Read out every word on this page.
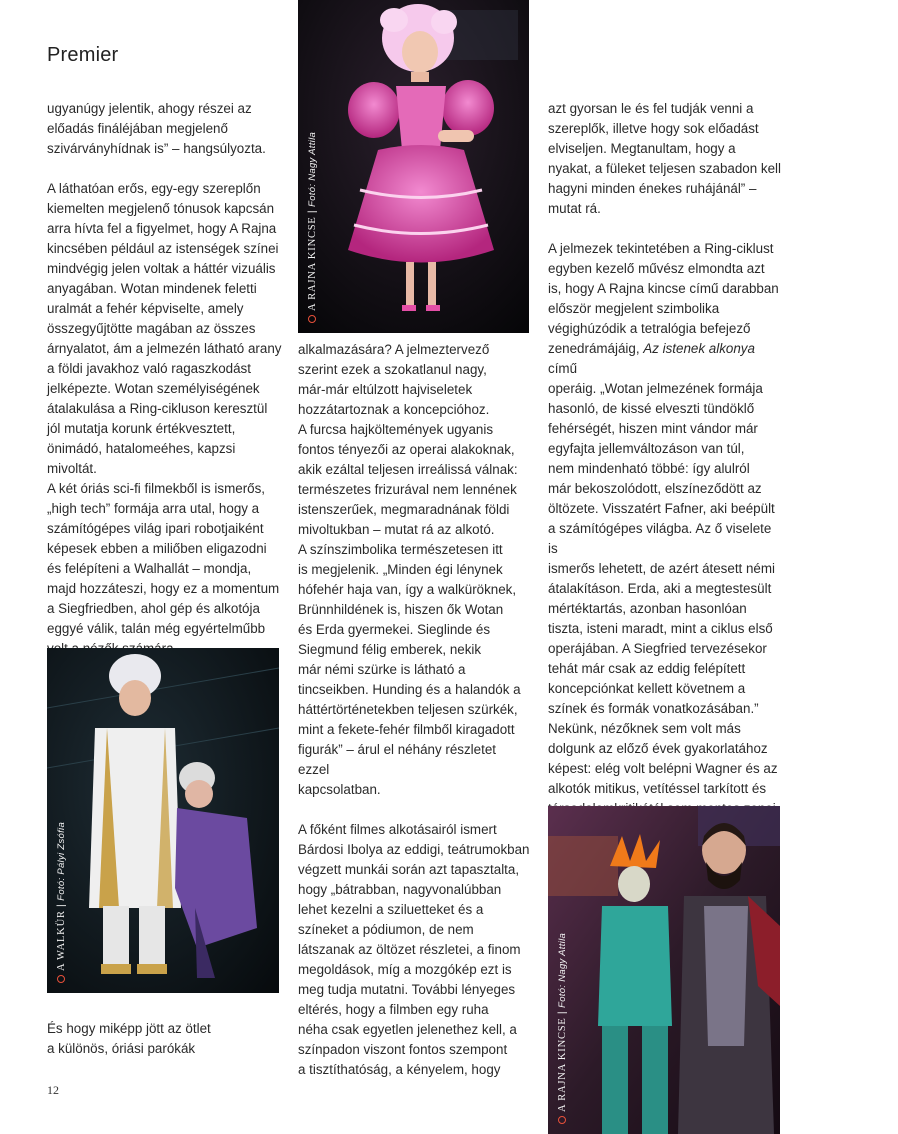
Premier

ugyanúgy jelentik, ahogy részei az
előadás fináléjában megjelenő
szivárványhídnak is” – hangsúlyozta.

A láthatóan erős, egy-egy szereplőn
kiemelten megjelenő tónusok kapcsán
arra hívta fel a figyelmet, hogy A Rajna
kincsében például az istenségek színei
mindvégig jelen voltak a háttér vizuális
anyagában. Wotan mindenek feletti
uralmát a fehér képviselte, amely
összegyűjtötte magában az összes
árnyalatot, ám a jelmezén látható arany
a földi javakhoz való ragaszkodást
jelképezte. Wotan személyiségének
átalakulása a Ring-cikluson keresztül
jól mutatja korunk értékvesztett,
önimádó, hatalomeéhes, kapzsi mivoltát.
A két óriás sci-fi filmekből is ismerős,
„high tech” formája arra utal, hogy a
számítógépes világ ipari robotjaiként
képesek ebben a miliőben eligazodni
és felépíteni a Walhallát – mondja,
majd hozzáteszi, hogy ez a momentum
a Siegfriedben, ahol gép és alkotója
eggyé válik, talán még egyértelműbb

És hogy miképp jött az ötlet
a különös, óriási parókák

alkalmazására? A jelmeztervező
szerint ezek a szokatlanul nagy,
már-már eltúlzott hajviseletek
hozzátartoznak a koncepcióhoz.
A furcsa hajköltemények ugyanis
fontos tényezői az operai alakoknak,
akik ezáltal teljesen irreálissá válnak:
természetes frizurával nem lennének
istenszerűek, megmaradnának földi
mivoltukban – mutat rá az alkotó.
A színszimbolika természetesen itt
is megjelenik. „Minden égi lénynek
hófehér haja van, így a walküröknek,
Brünnhildének is, hiszen ők Wotan
és Erda gyermekei. Sieglinde és
Siegmund félig emberek, nekik
már némi szürke is látható a
tincseikben. Hunding és a halandók a
háttértörténetekben teljesen szürkék,
mint a fekete-fehér filmből kiragadott
figurák” – árul el néhány részletet ezzel
kapcsolatban.

A főként filmes alkotásairól ismert
Bárdosi Ibolya az eddigi, teátrumokban
végzett munkái során azt tapasztalta,
hogy „bátrabban, nagyvonalúbban
lehet kezelni a sziluetteket és a
színeket a pódiumon, de nem
látszanak az öltözet részletei, a finom
megoldások, míg a mozgókép ezt is
meg tudja mutatni. További lényeges
eltérés, hogy a filmben egy ruha
néha csak egyetlen jelenethez kell, a
színpadon viszont fontos szempont
a tisztíthatóság, a kényelem, hogy

azt gyorsan le és fel tudják venni a
szereplők, illetve hogy sok előadást
elviseljen. Megtanultam, hogy a
nyakat, a füleket teljesen szabadon kell
hagyni minden énekes ruhájánál” –
mutat rá.

A jelmezek tekintetében a Ring-ciklust
egyben kezelő művész elmondta azt
is, hogy A Rajna kincse című darabban
először megjelent szimbolika
végighúzódik a tetralógia befejező
zenedrámájáig, Az istenek alkonya című
operáig. „Wotan jelmezének formája
hasonló, de kissé elveszti tündöklő
fehérségét, hiszen mint vándor már
egyfajta jellemváltozáson van túl,
nem mindenható többé: így alulról
már bekoszolódott, elszíneződött az
öltözete. Visszatért Fafner, aki beépült
a számítógépes világba. Az ő viselete is
ismerős lehetett, de azért átesett némi
átalakításon. Erda, aki a megtestesült
mértéktartás, azonban hasonlóan
tiszta, isteni maradt, mint a ciklus első
operájában. A Siegfried tervezésekor
tehát már csak az eddig felépített
koncepciónkat kellett követnem a
színek és formák vonatkozásában.”
Nekünk, nézőknek sem volt más
dolgunk az előző évek gyakorlatához
képest: elég volt belépni Wagner és az
alkotók mitikus, vetítéssel tarkított és

A RAJNA KINCSE | Fotó: Nagy Attila
A WALKÜR | Fotó: Pályi Zsófia
A RAJNA KINCSE | Fotó: Nagy Attila
12
